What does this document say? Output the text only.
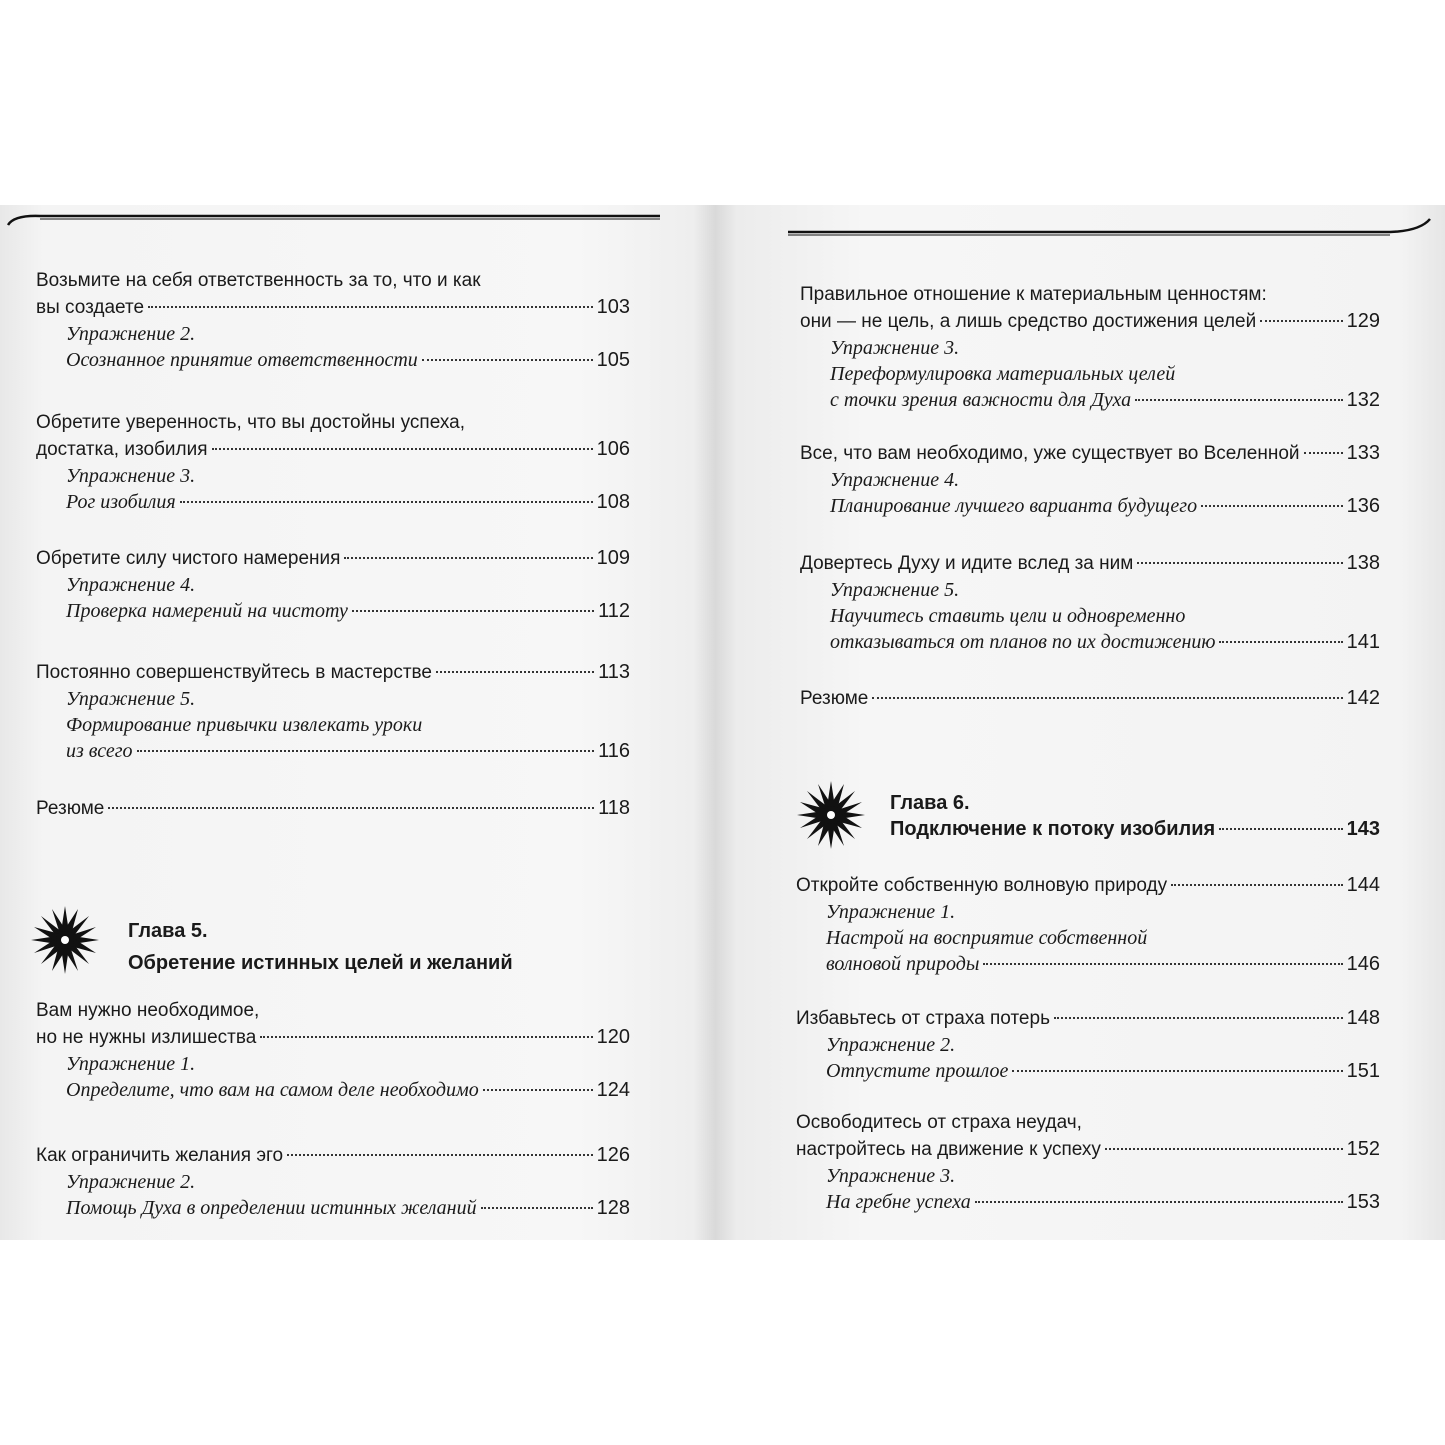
Возьмите на себя ответственность за то, что и как
вы создаете	103
Упражнение 2.
Осознанное принятие ответственности	105
Обретите уверенность, что вы достойны успеха,
достатка, изобилия	106
Упражнение 3.
Рог изобилия	108
Обретите силу чистого намерения	109
Упражнение 4.
Проверка намерений на чистоту	112
Постоянно совершенствуйтесь в мастерстве	113
Упражнение 5.
Формирование привычки извлекать уроки
из всего	116
Резюме	118
Глава 5.
Обретение истинных целей и желаний
Вам нужно необходимое,
но не нужны излишества	120
Упражнение 1.
Определите, что вам на самом деле необходимо	124
Как ограничить желания эго	126
Упражнение 2.
Помощь Духа в определении истинных желаний	128
Правильное отношение к материальным ценностям:
они — не цель, а лишь средство достижения целей	129
Упражнение 3.
Переформулировка материальных целей
с точки зрения важности для Духа	132
Все, что вам необходимо, уже существует во Вселенной 133
Упражнение 4.
Планирование лучшего варианта будущего	136
Довертесь Духу и идите вслед за ним	138
Упражнение 5.
Научитесь ставить цели и одновременно
отказываться от планов по их достижению	141
Резюме	142
Глава 6.
Подключение к потоку изобилия	143
Откройте собственную волновую природу	144
Упражнение 1.
Настрой на восприятие собственной
волновой природы	146
Избавьтесь от страха потерь	148
Упражнение 2.
Отпустите прошлое	151
Освободитесь от страха неудач,
настройтесь на движение к успеху	152
Упражнение 3.
На гребне успеха	153
